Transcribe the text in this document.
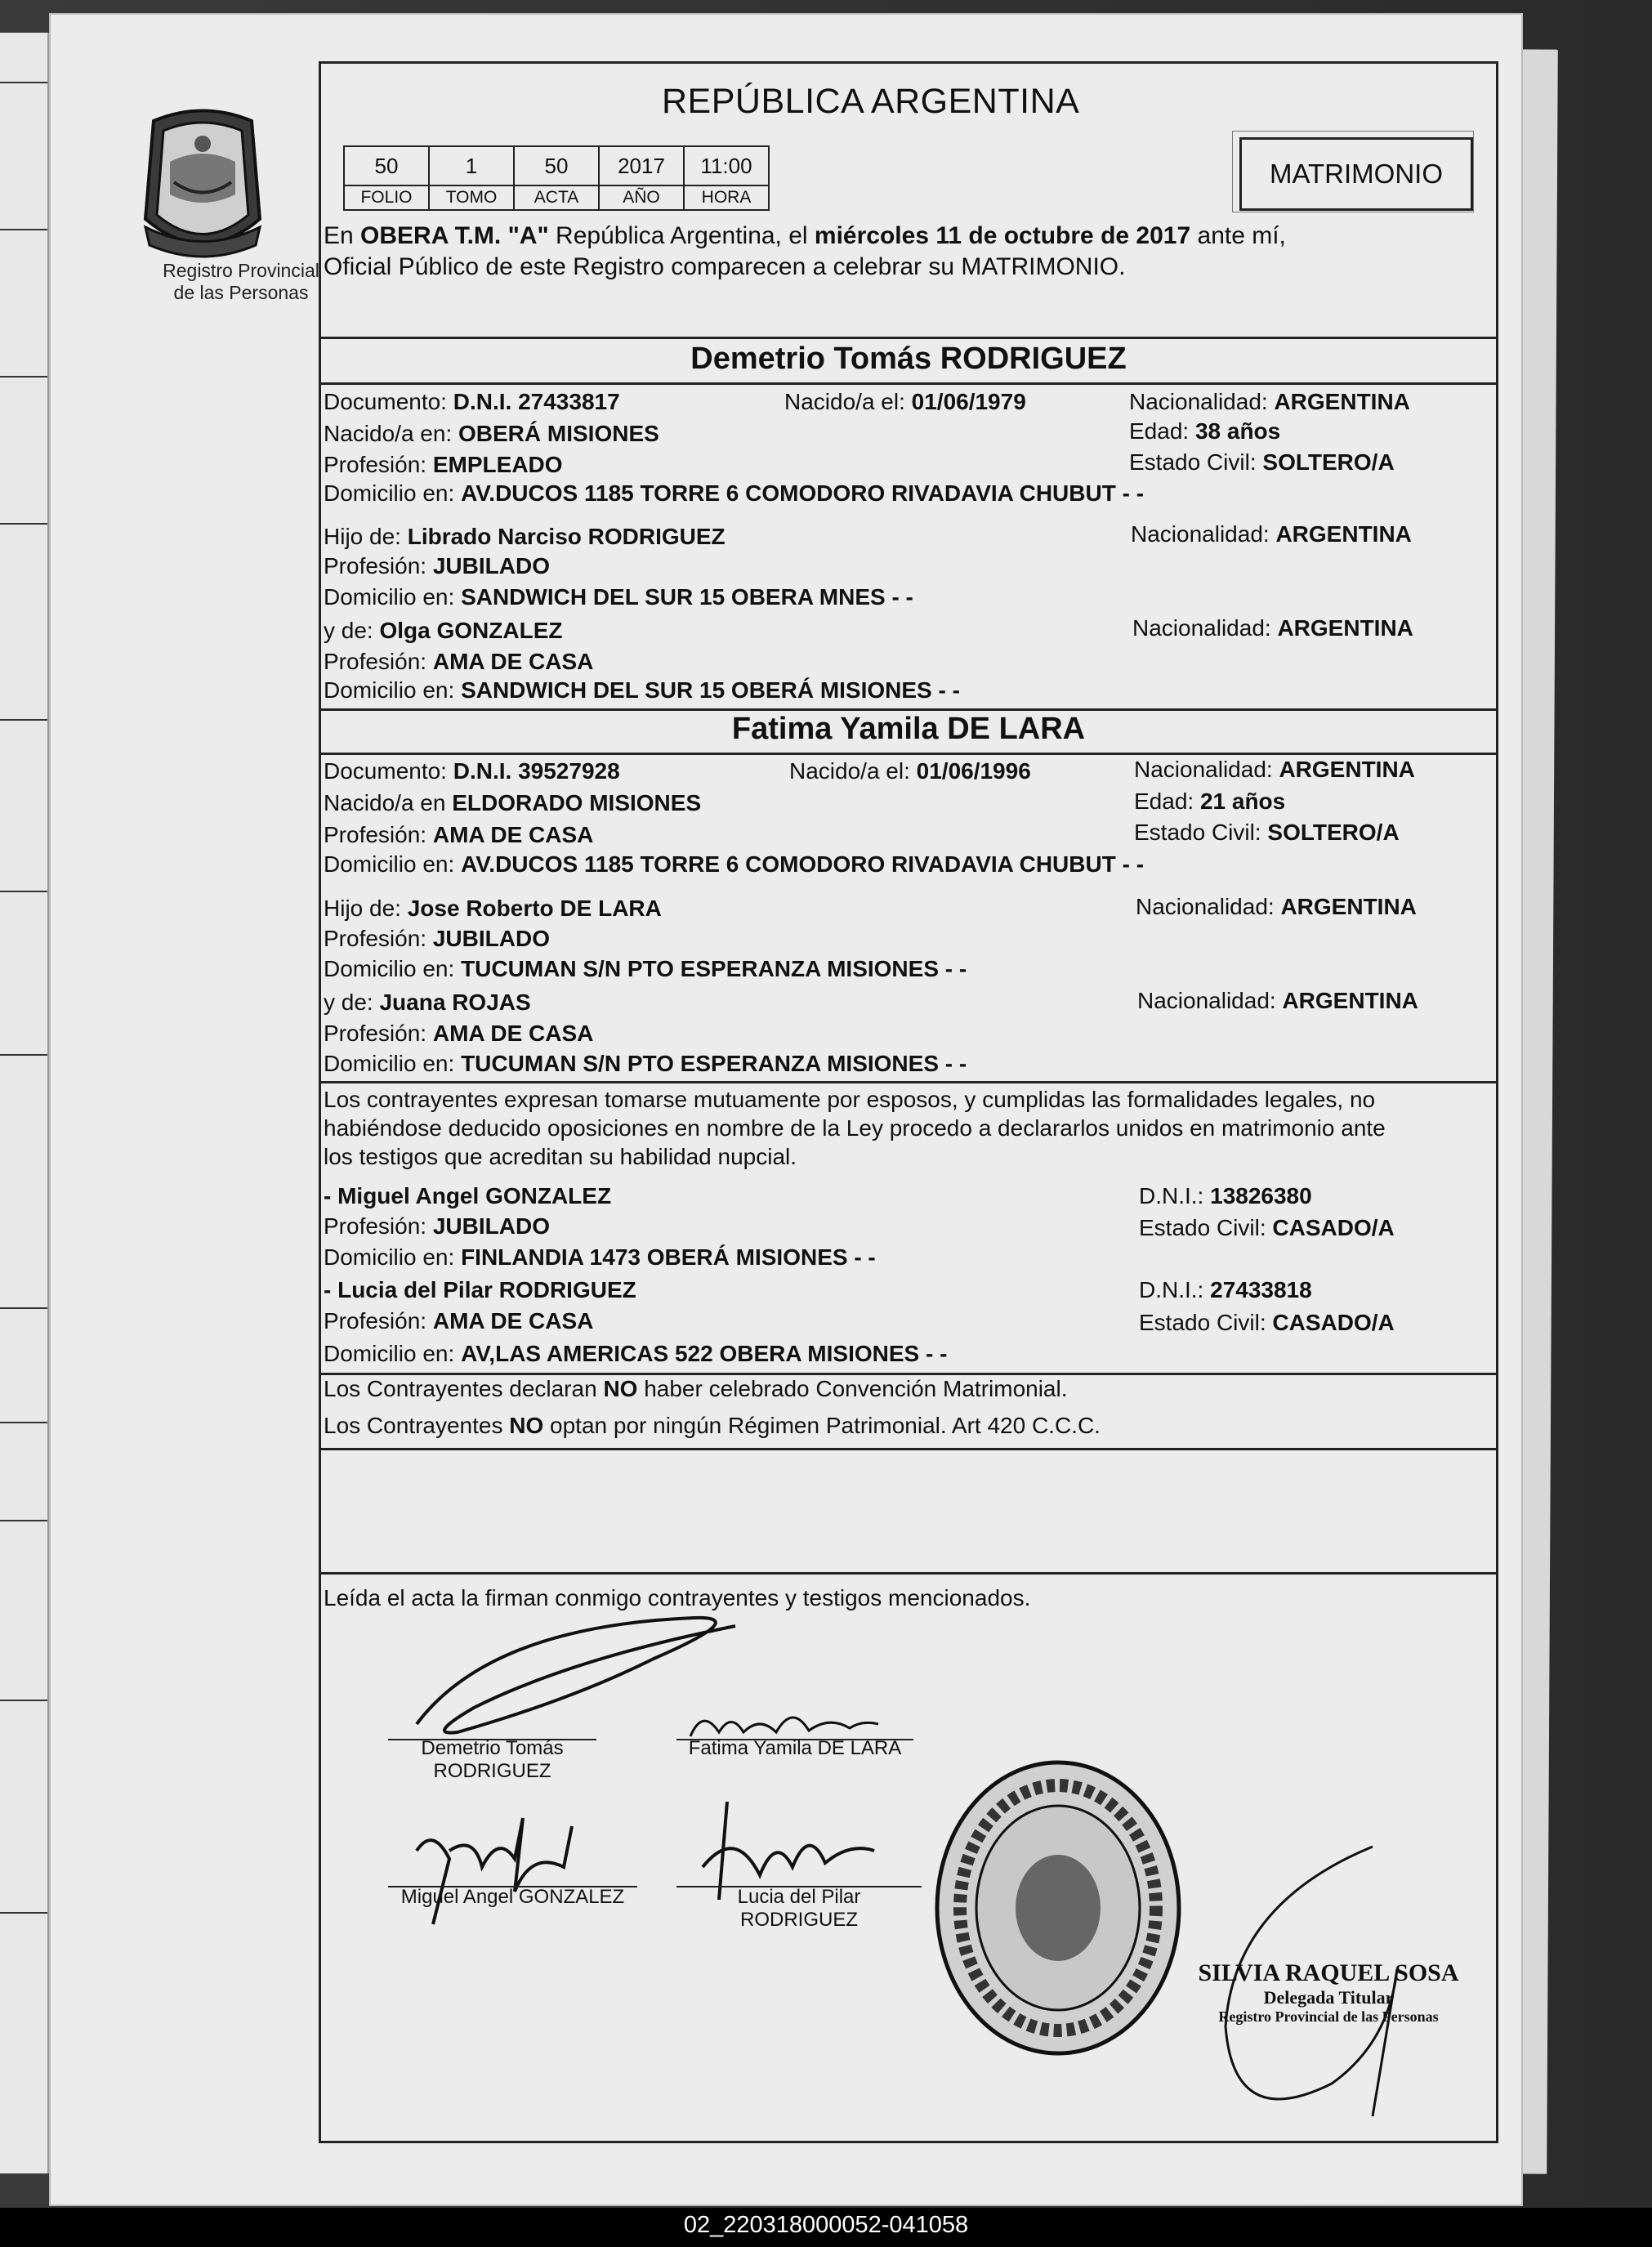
Registro Provincial
de las Personas
REPÚBLICA ARGENTINA
50	1	50	2017	11:00
FOLIO	TOMO	ACTA	AÑO	HORA
MATRIMONIO
En OBERA T.M. "A" República Argentina, el miércoles 11 de octubre de 2017 ante mí,
Oficial Público de este Registro comparecen a celebrar su MATRIMONIO.
Demetrio Tomás RODRIGUEZ
Documento: D.N.I. 27433817	Nacido/a el: 01/06/1979	Nacionalidad: ARGENTINA
Nacido/a en: OBERÁ MISIONES	Edad: 38 años
Profesión: EMPLEADO	Estado Civil: SOLTERO/A
Domicilio en: AV.DUCOS 1185 TORRE 6 COMODORO RIVADAVIA CHUBUT - -
Hijo de: Librado Narciso RODRIGUEZ	Nacionalidad: ARGENTINA
Profesión: JUBILADO
Domicilio en: SANDWICH DEL SUR 15 OBERA MNES - -
y de: Olga GONZALEZ	Nacionalidad: ARGENTINA
Profesión: AMA DE CASA
Domicilio en: SANDWICH DEL SUR 15 OBERÁ MISIONES - -
Fatima Yamila DE LARA
Documento: D.N.I. 39527928	Nacido/a el: 01/06/1996	Nacionalidad: ARGENTINA
Nacido/a en ELDORADO MISIONES	Edad: 21 años
Profesión: AMA DE CASA	Estado Civil: SOLTERO/A
Domicilio en: AV.DUCOS 1185 TORRE 6 COMODORO RIVADAVIA CHUBUT - -
Hijo de: Jose Roberto DE LARA	Nacionalidad: ARGENTINA
Profesión: JUBILADO
Domicilio en: TUCUMAN S/N PTO ESPERANZA MISIONES - -
y de: Juana ROJAS	Nacionalidad: ARGENTINA
Profesión: AMA DE CASA
Domicilio en: TUCUMAN S/N PTO ESPERANZA MISIONES - -
Los contrayentes expresan tomarse mutuamente por esposos, y cumplidas las formalidades legales, no
habiéndose deducido oposiciones en nombre de la Ley procedo a declararlos unidos en matrimonio ante
los testigos que acreditan su habilidad nupcial.
- Miguel Angel GONZALEZ	D.N.I.: 13826380
Profesión: JUBILADO	Estado Civil: CASADO/A
Domicilio en: FINLANDIA 1473 OBERÁ MISIONES - -
- Lucia del Pilar RODRIGUEZ	D.N.I.: 27433818
Profesión: AMA DE CASA	Estado Civil: CASADO/A
Domicilio en: AV,LAS AMERICAS 522 OBERA MISIONES - -
Los Contrayentes declaran NO haber celebrado Convención Matrimonial.
Los Contrayentes NO optan por ningún Régimen Patrimonial. Art 420 C.C.C.
Leída el acta la firman conmigo contrayentes y testigos mencionados.
Demetrio Tomás
RODRIGUEZ
Fatima Yamila DE LARA
Miguel Angel GONZALEZ	Lucia del Pilar
RODRIGUEZ
SILVIA RAQUEL SOSA
Delegada Titular
Registro Provincial de las Personas
02_220318000052-041058
